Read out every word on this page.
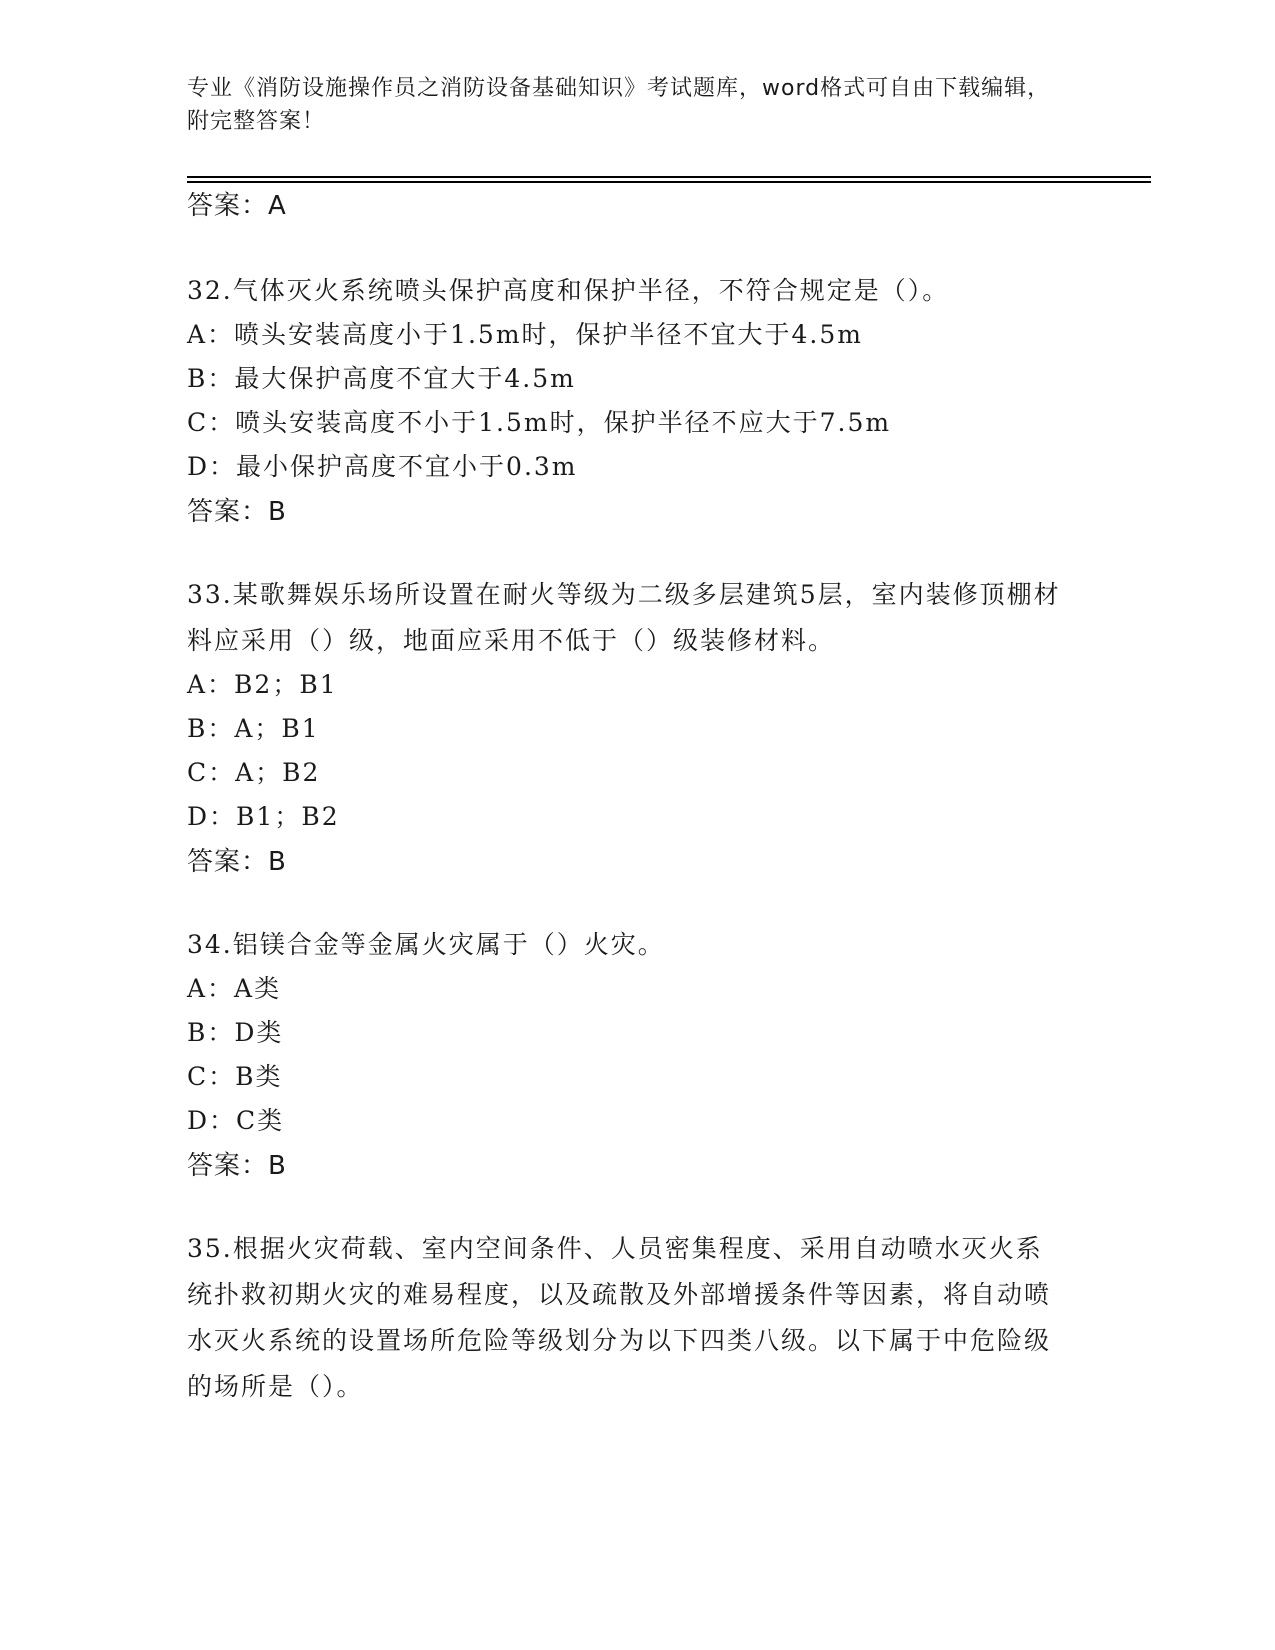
专业《消防设施操作员之消防设备基础知识》考试题库，word格式可自由下载编辑，附完整答案！
答案：A
32.气体灭火系统喷头保护高度和保护半径，不符合规定是（）。
A：喷头安装高度小于1.5m时，保护半径不宜大于4.5m
B：最大保护高度不宜大于4.5m
C：喷头安装高度不小于1.5m时，保护半径不应大于7.5m
D：最小保护高度不宜小于0.3m
答案：B
33.某歌舞娱乐场所设置在耐火等级为二级多层建筑5层，室内装修顶棚材料应采用（）级，地面应采用不低于（）级装修材料。
A：B2；B1
B：A；B1
C：A；B2
D：B1；B2
答案：B
34.铝镁合金等金属火灾属于（）火灾。
A：A类
B：D类
C：B类
D：C类
答案：B
35.根据火灾荷载、室内空间条件、人员密集程度、采用自动喷水灭火系统扑救初期火灾的难易程度，以及疏散及外部增援条件等因素，将自动喷水灭火系统的设置场所危险等级划分为以下四类八级。以下属于中危险级的场所是（）。
